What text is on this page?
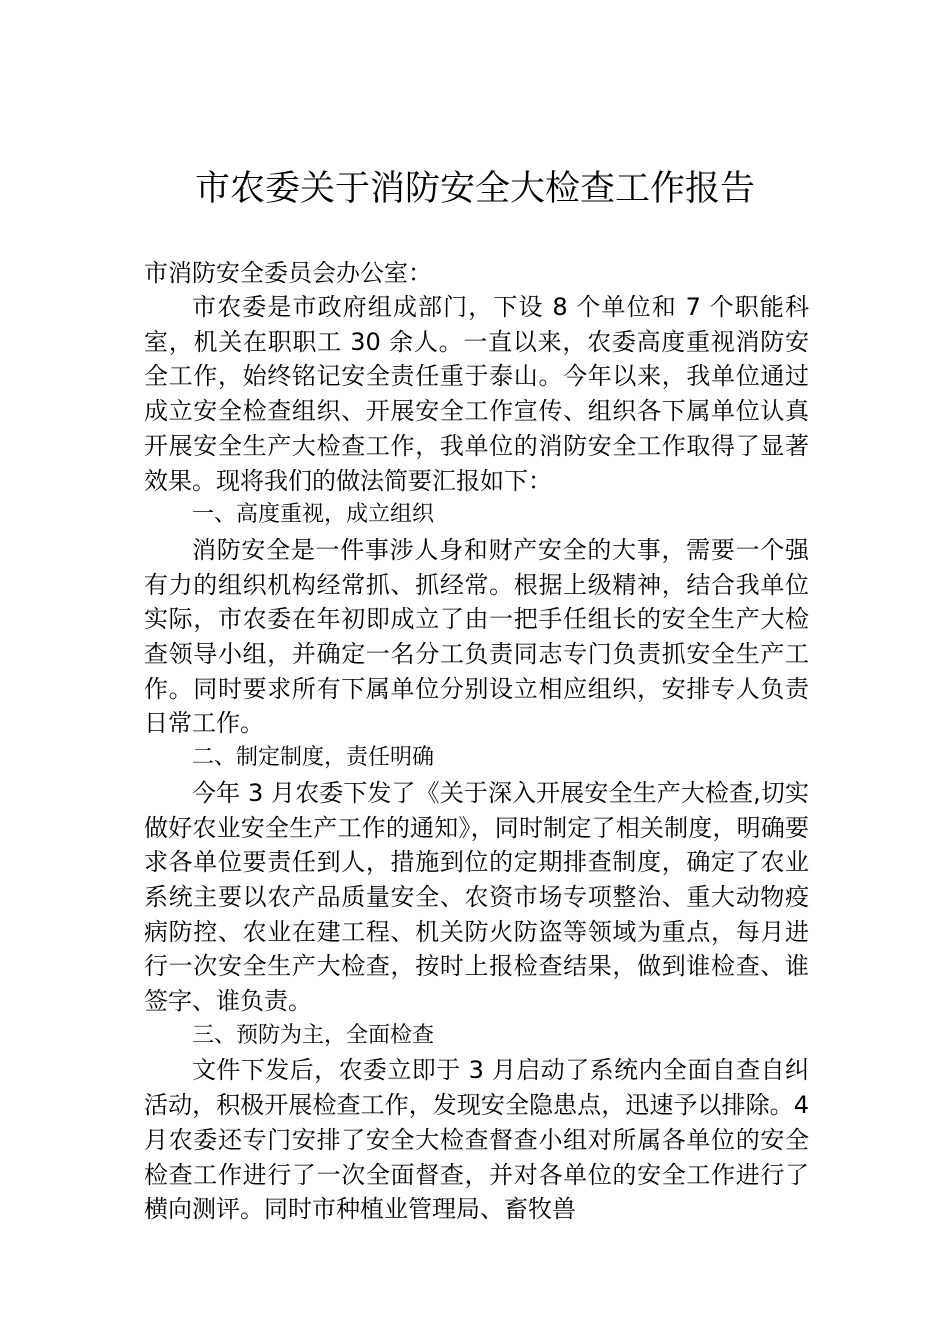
市农委关于消防安全大检查工作报告
市消防安全委员会办公室：

市农委是市政府组成部门，下设 8 个单位和 7 个职能科室，机关在职职工 30 余人。一直以来，农委高度重视消防安全工作，始终铭记安全责任重于泰山。今年以来，我单位通过成立安全检查组织、开展安全工作宣传、组织各下属单位认真开展安全生产大检查工作，我单位的消防安全工作取得了显著效果。现将我们的做法简要汇报如下：

一、高度重视，成立组织

消防安全是一件事涉人身和财产安全的大事，需要一个强有力的组织机构经常抓、抓经常。根据上级精神，结合我单位实际，市农委在年初即成立了由一把手任组长的安全生产大检查领导小组，并确定一名分工负责同志专门负责抓安全生产工作。同时要求所有下属单位分别设立相应组织，安排专人负责日常工作。

二、制定制度，责任明确

今年 3 月农委下发了《关于深入开展安全生产大检查,切实做好农业安全生产工作的通知》，同时制定了相关制度，明确要求各单位要责任到人，措施到位的定期排查制度，确定了农业系统主要以农产品质量安全、农资市场专项整治、重大动物疫病防控、农业在建工程、机关防火防盗等领域为重点，每月进行一次安全生产大检查，按时上报检查结果，做到谁检查、谁签字、谁负责。

三、预防为主，全面检查

文件下发后，农委立即于 3 月启动了系统内全面自查自纠活动，积极开展检查工作，发现安全隐患点，迅速予以排除。4 月农委还专门安排了安全大检查督查小组对所属各单位的安全检查工作进行了一次全面督查，并对各单位的安全工作进行了横向测评。同时市种植业管理局、畜牧兽
